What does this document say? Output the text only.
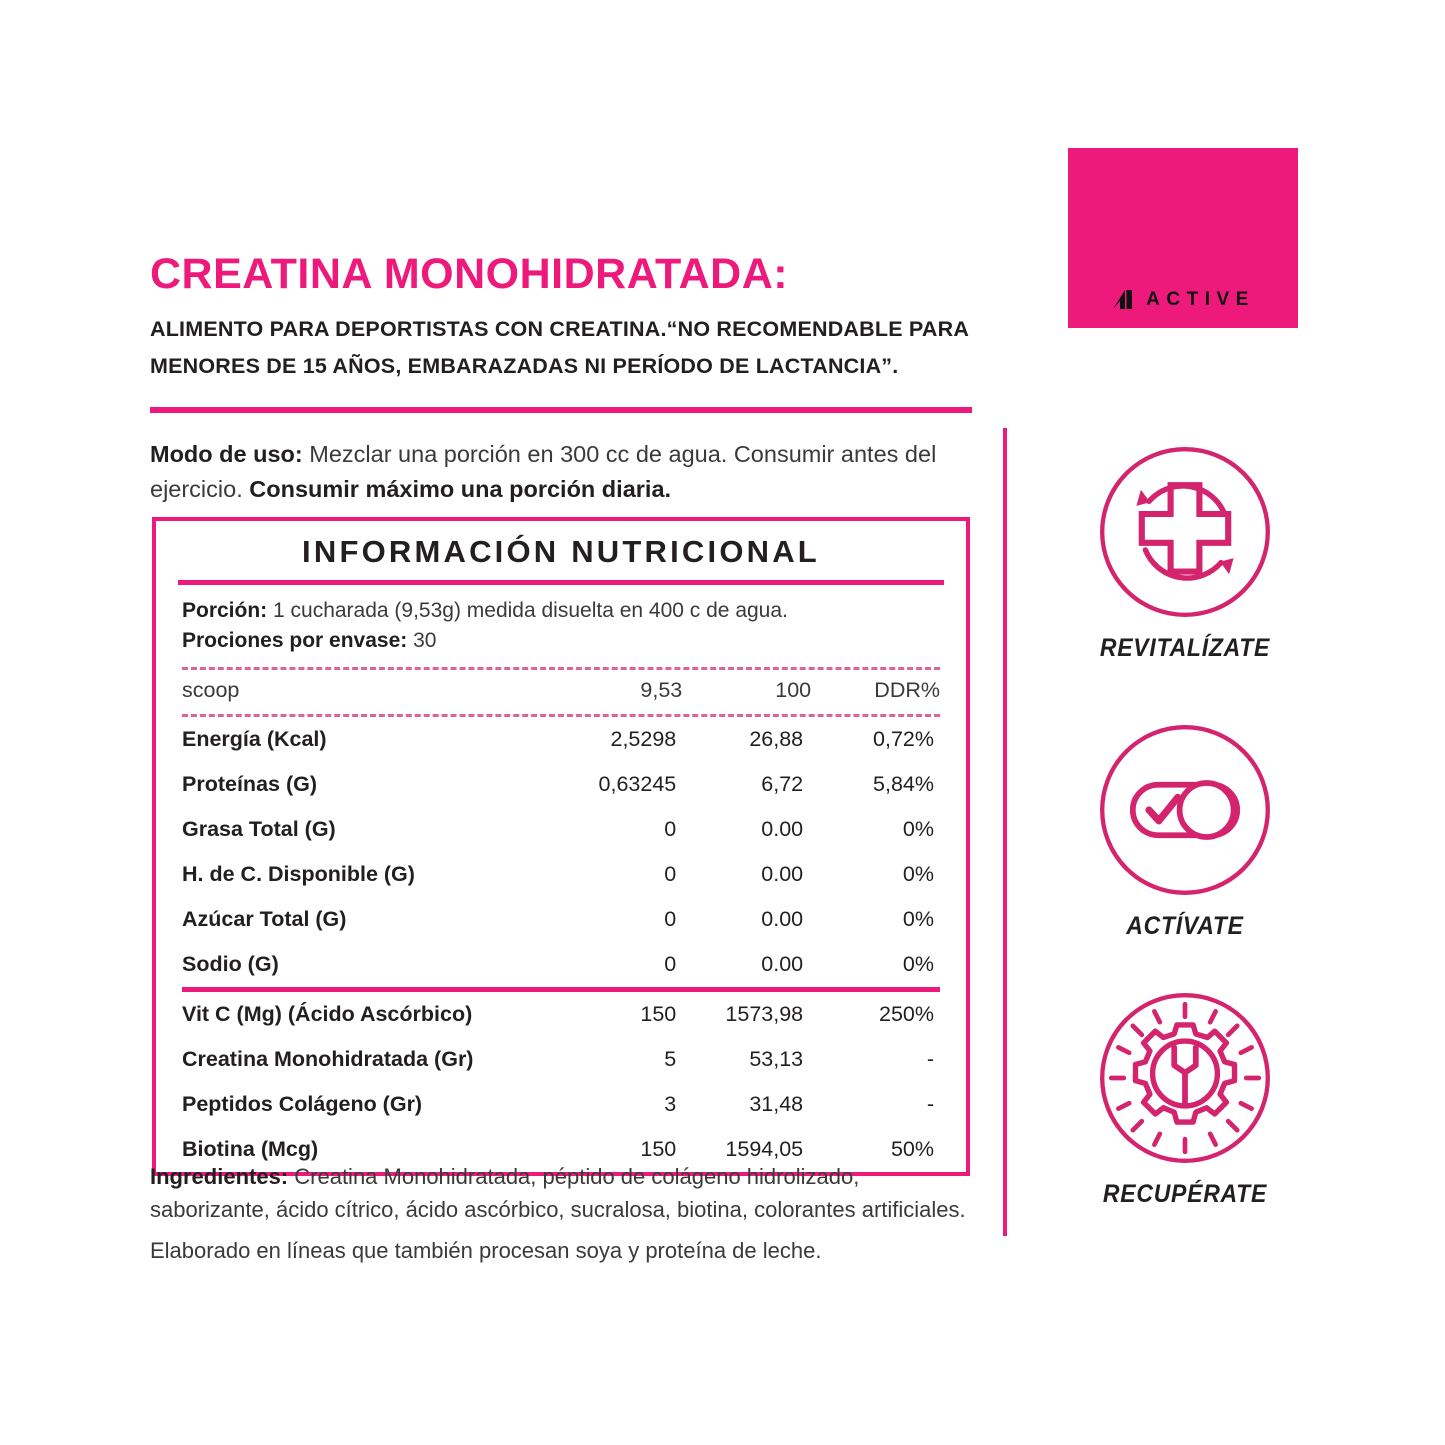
CREATINA MONOHIDRATADA:

ALIMENTO PARA DEPORTISTAS CON CREATINA.“NO RECOMENDABLE PARA MENORES DE 15 AÑOS, EMBARAZADAS NI PERÍODO DE LACTANCIA”.

Modo de uso: Mezclar una porción en 300 cc de agua. Consumir antes del ejercicio. Consumir máximo una porción diaria.

INFORMACIÓN NUTRICIONAL
Porción: 1 cucharada (9,53g) medida disuelta en 400 c de agua.
Prociones por envase: 30
scoop	9,53	100	DDR%
Energía (Kcal)	2,5298	26,88	0,72%
Proteínas (G)	0,63245	6,72	5,84%
Grasa Total (G)	0	0.00	0%
H. de C. Disponible (G)	0	0.00	0%
Azúcar Total (G)	0	0.00	0%
Sodio (G)	0	0.00	0%

Vit C (Mg) (Ácido Ascórbico)	150	1573,98	250%
Creatina Monohidratada (Gr)	5	53,13	-
Peptidos Colágeno (Gr)	3	31,48	-
Biotina (Mcg)	150	1594,05	50%
Ingredientes: Creatina Monohidratada, péptido de colágeno hidrolizado, saborizante, ácido cítrico, ácido ascórbico, sucralosa, biotina, colorantes artificiales.
Elaborado en líneas que también procesan soya y proteína de leche.
ACTIVE
REVITALÍZATE
ACTÍVATE
RECUPÉRATE
